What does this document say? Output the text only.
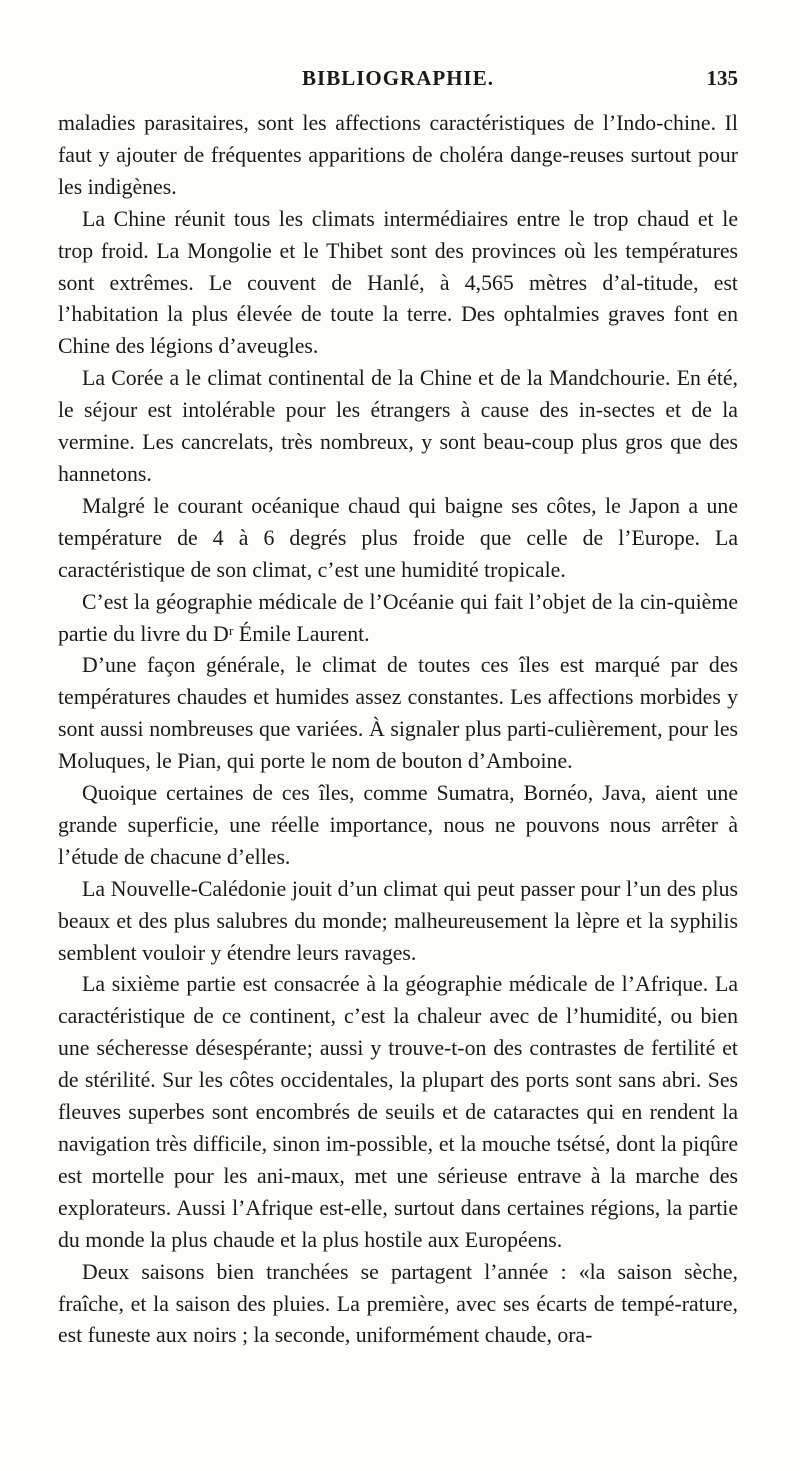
BIBLIOGRAPHIE.	135

maladies parasitaires, sont les affections caractéristiques de l’Indo-chine. Il faut y ajouter de fréquentes apparitions de choléra dange-reuses surtout pour les indigènes.

La Chine réunit tous les climats intermédiaires entre le trop chaud et le trop froid. La Mongolie et le Thibet sont des provinces où les températures sont extrêmes. Le couvent de Hanlé, à 4,565 mètres d’al-titude, est l’habitation la plus élevée de toute la terre. Des ophtalmies graves font en Chine des légions d’aveugles.

La Corée a le climat continental de la Chine et de la Mandchourie. En été, le séjour est intolérable pour les étrangers à cause des in-sectes et de la vermine. Les cancrelats, très nombreux, y sont beau-coup plus gros que des hannetons.

Malgré le courant océanique chaud qui baigne ses côtes, le Japon a une température de 4 à 6 degrés plus froide que celle de l’Europe. La caractéristique de son climat, c’est une humidité tropicale.

C’est la géographie médicale de l’Océanie qui fait l’objet de la cin-quième partie du livre du Dʳ Émile Laurent.

D’une façon générale, le climat de toutes ces îles est marqué par des températures chaudes et humides assez constantes. Les affections morbides y sont aussi nombreuses que variées. À signaler plus parti-culièrement, pour les Moluques, le Pian, qui porte le nom de bouton d’Amboine.

Quoique certaines de ces îles, comme Sumatra, Bornéo, Java, aient une grande superficie, une réelle importance, nous ne pouvons nous arrêter à l’étude de chacune d’elles.

La Nouvelle-Calédonie jouit d’un climat qui peut passer pour l’un des plus beaux et des plus salubres du monde; malheureusement la lèpre et la syphilis semblent vouloir y étendre leurs ravages.

La sixième partie est consacrée à la géographie médicale de l’Afrique. La caractéristique de ce continent, c’est la chaleur avec de l’humidité, ou bien une sécheresse désespérante; aussi y trouve-t-on des contrastes de fertilité et de stérilité. Sur les côtes occidentales, la plupart des ports sont sans abri. Ses fleuves superbes sont encombrés de seuils et de cataractes qui en rendent la navigation très difficile, sinon im-possible, et la mouche tsétsé, dont la piqûre est mortelle pour les ani-maux, met une sérieuse entrave à la marche des explorateurs. Aussi l’Afrique est-elle, surtout dans certaines régions, la partie du monde la plus chaude et la plus hostile aux Européens.

Deux saisons bien tranchées se partagent l’année : «la saison sèche, fraîche, et la saison des pluies. La première, avec ses écarts de tempé-rature, est funeste aux noirs ; la seconde, uniformément chaude, ora-
